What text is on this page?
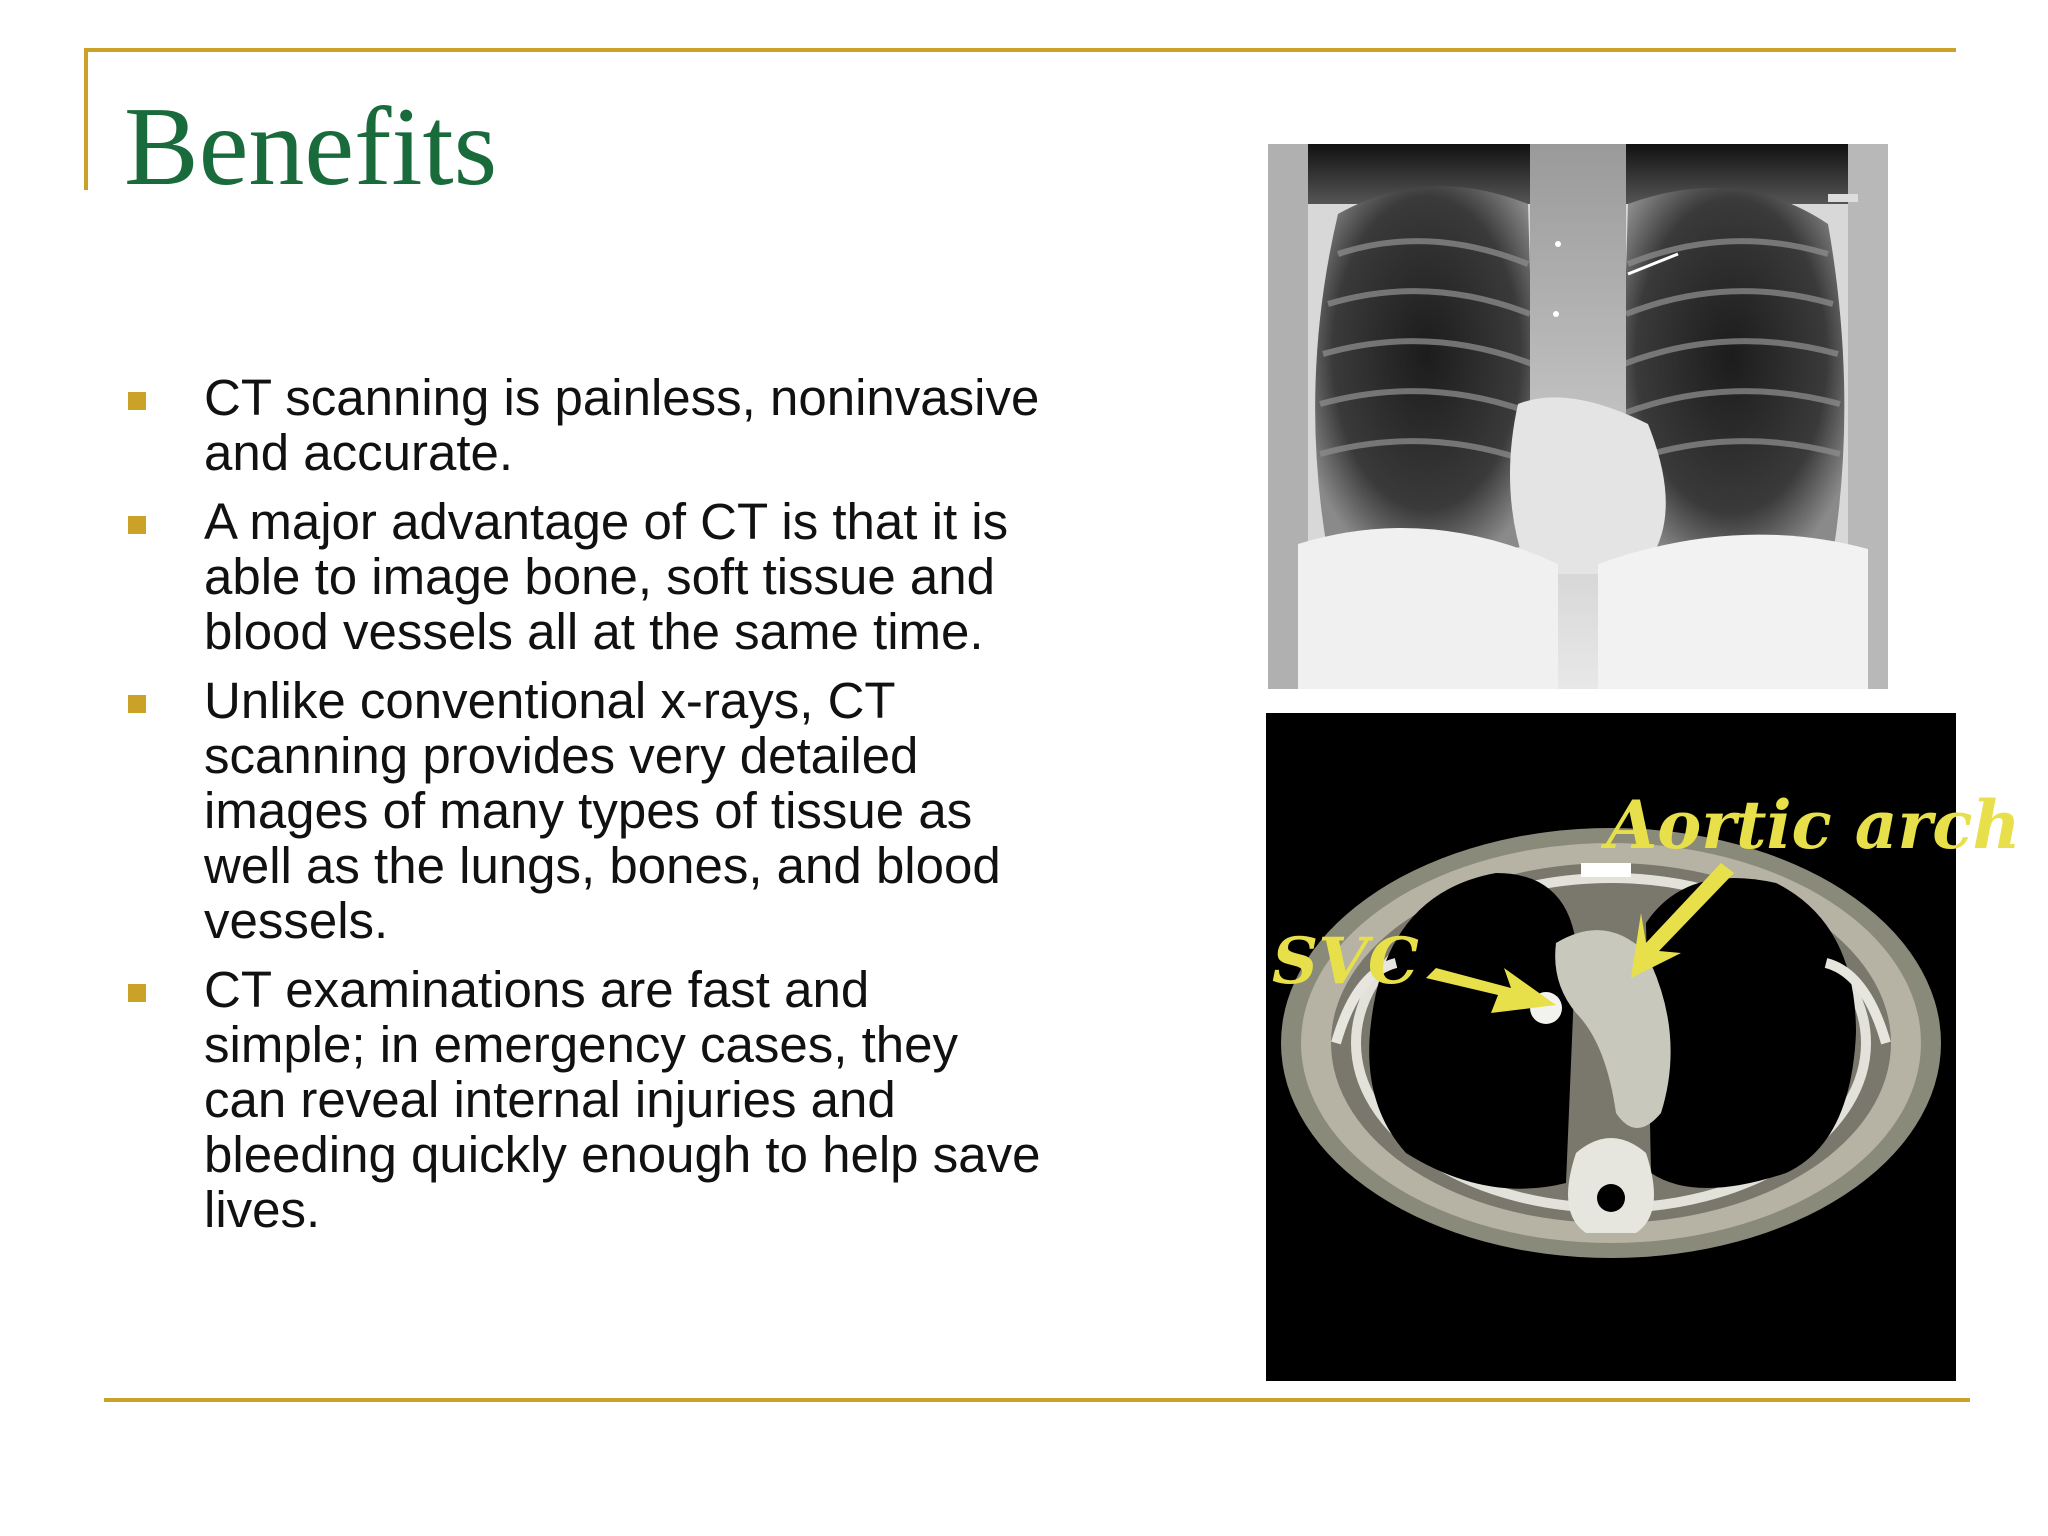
Benefits
CT scanning is painless, noninvasive and accurate.
A major advantage of CT is that it is able to image bone, soft tissue and blood vessels all at the same time.
Unlike conventional x-rays, CT scanning provides very detailed images of many types of tissue as well as the lungs, bones, and blood vessels.
CT examinations are fast and simple; in emergency cases, they can reveal internal injuries and bleeding quickly enough to help save lives.
Aortic arch
SVC
